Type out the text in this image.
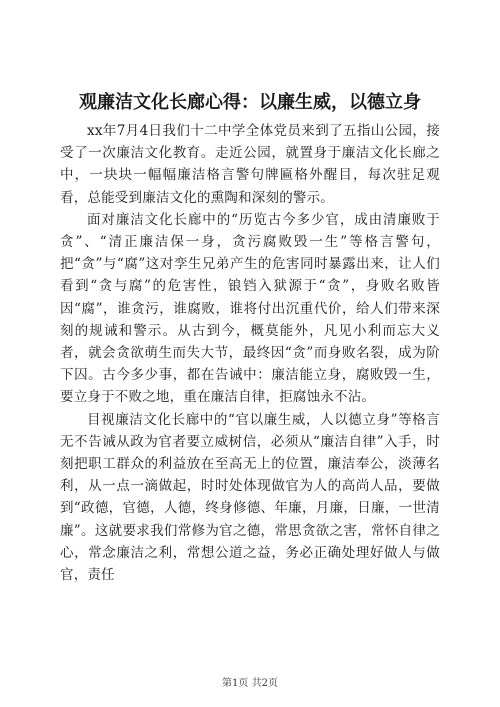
观廉洁文化长廊心得：以廉生威，以德立身

xx年7月4日我们十二中学全体党员来到了五指山公园，接受了一次廉洁文化教育。走近公园，就置身于廉洁文化长廊之中，一块块一幅幅廉洁格言警句牌匾格外醒目，每次驻足观看，总能受到廉洁文化的熏陶和深刻的警示。

面对廉洁文化长廊中的“历览古今多少官，成由清廉败于贪”、“清正廉洁保一身，贪污腐败毁一生”等格言警句，把“贪”与“腐”这对孪生兄弟产生的危害同时暴露出来，让人们看到“贪与腐”的危害性，锒铛入狱源于“贪”，身败名败皆因“腐”，谁贪污，谁腐败，谁将付出沉重代价，给人们带来深刻的规诫和警示。从古到今，概莫能外，凡见小利而忘大义者，就会贪欲萌生而失大节，最终因“贪”而身败名裂，成为阶下囚。古今多少事，都在告诫中：廉洁能立身，腐败毁一生，要立身于不败之地，重在廉洁自律，拒腐蚀永不沾。

目视廉洁文化长廊中的“官以廉生威，人以德立身”等格言无不告诫从政为官者要立威树信，必须从“廉洁自律”入手，时刻把职工群众的利益放在至高无上的位置，廉洁奉公，淡薄名利，从一点一滴做起，时时处体现做官为人的高尚人品，要做到“政德，官德，人德，终身修德、年廉，月廉，日廉，一世清廉”。这就要求我们常修为官之德，常思贪欲之害，常怀自律之心，常念廉洁之利，常想公道之益，务必正确处理好做人与做官，责任

第1页 共2页
